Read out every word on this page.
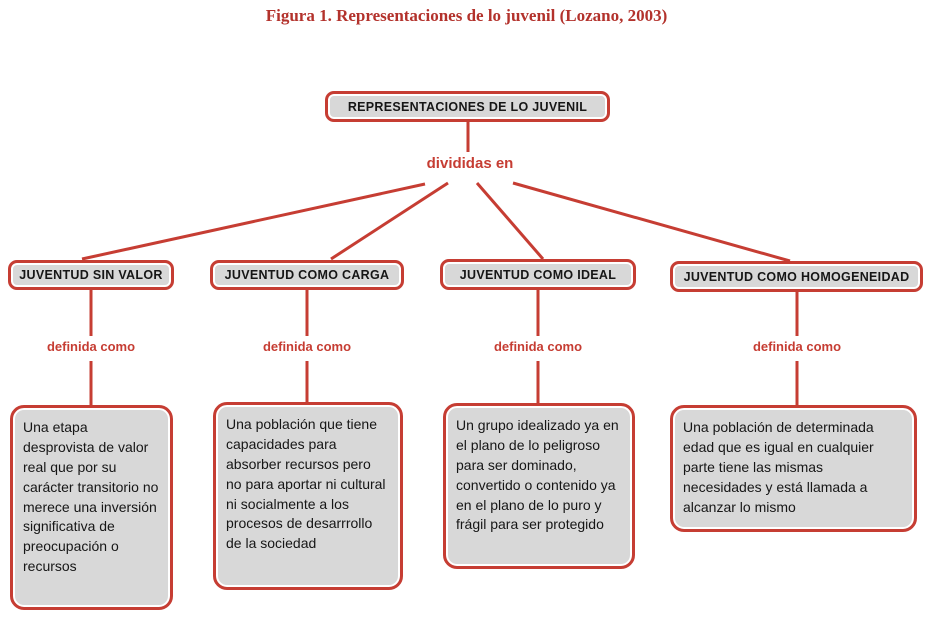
Figura 1. Representaciones de lo juvenil (Lozano, 2003)
REPRESENTACIONES DE LO JUVENIL
divididas en
JUVENTUD SIN VALOR	JUVENTUD COMO CARGA	JUVENTUD COMO IDEAL	JUVENTUD COMO HOMOGENEIDAD
definida como	definida como	definida como	definida como
Una etapa desprovista de valor real que por su carácter transitorio no merece una inversión significativa de preocupación o recursos
Una población que tiene capacidades para absorber recursos pero no para aportar ni cultural ni socialmente a los procesos de desarrrollo de la sociedad
Un grupo idealizado ya en el plano de lo peligroso para ser dominado, convertido o contenido ya en el plano de lo puro y frágil para ser protegido
Una población de determinada edad que es igual en cualquier parte tiene las mismas necesidades y está llamada a alcanzar lo mismo
